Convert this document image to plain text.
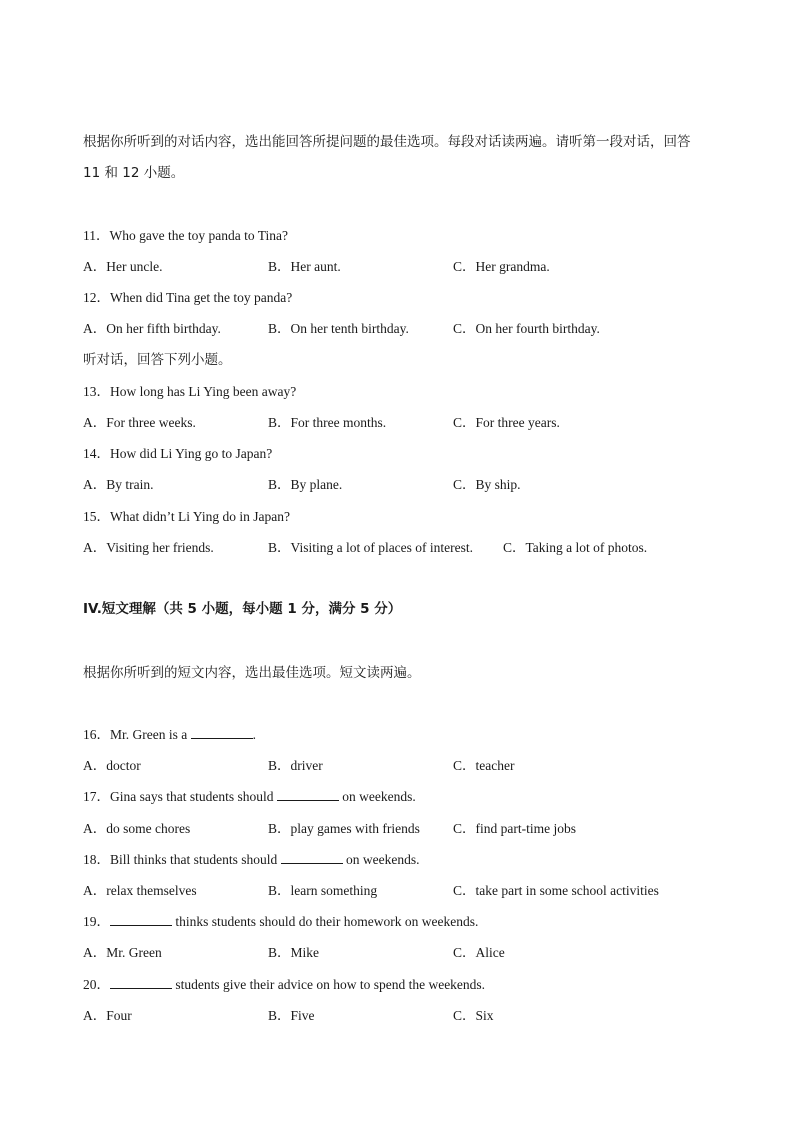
根据你所听到的对话内容，选出能回答所提问题的最佳选项。每段对话读两遍。请听第一段对话，回答
11 和 12 小题。
11．Who gave the toy panda to Tina?
A．Her uncle.	B．Her aunt.	C．Her grandma.
12．When did Tina get the toy panda?
A．On her fifth birthday.	B．On her tenth birthday.	C．On her fourth birthday.
听对话，回答下列小题。
13．How long has Li Ying been away?
A．For three weeks.	B．For three months.	C．For three years.
14．How did Li Ying go to Japan?
A．By train.	B．By plane.	C．By ship.
15．What didn’t Li Ying do in Japan?
A．Visiting her friends.	B．Visiting a lot of places of interest. C．Taking a lot of photos.
IV.短文理解（共 5 小题，每小题 1 分，满分 5 分）
根据你所听到的短文内容，选出最佳选项。短文读两遍。
16．Mr. Green is a	.
A．doctor	B．driver	C．teacher
17．Gina says that students should	on weekends.
A．do some chores	B．play games with friends C．find part-time jobs
18．Bill thinks that students should	on weekends.
A．relax themselves	B．learn something	C．take part in some school activities
19．	thinks students should do their homework on weekends.
A．Mr. Green	B．Mike	C．Alice
20．	students give their advice on how to spend the weekends.
A．Four	B．Five	C．Six
